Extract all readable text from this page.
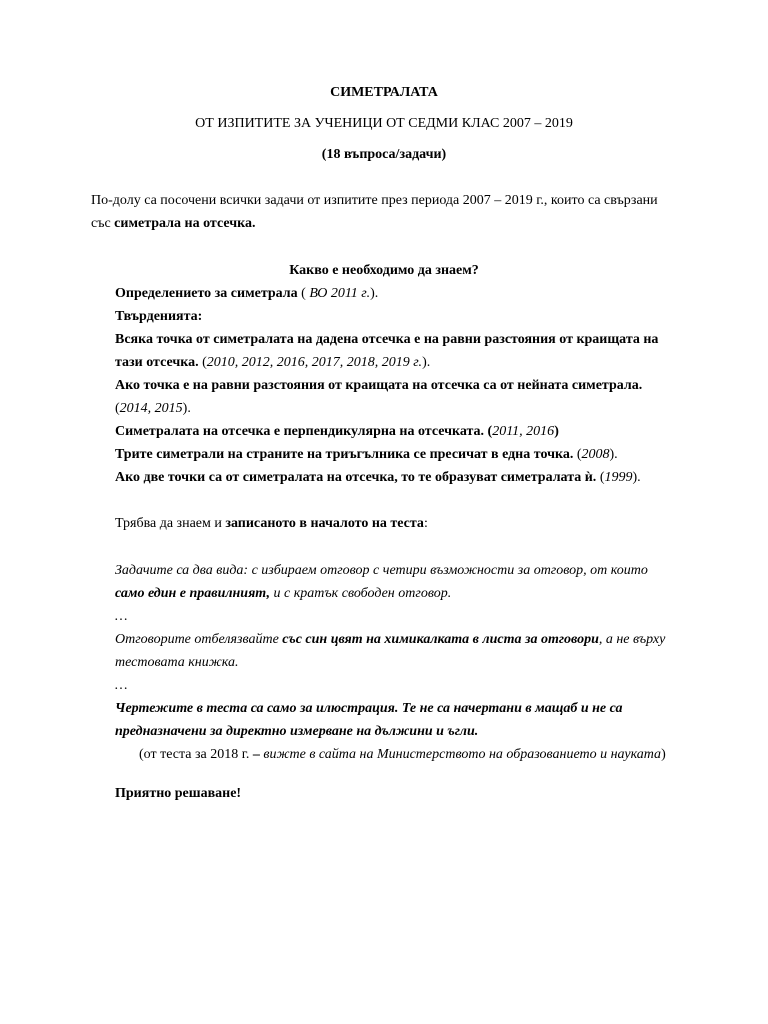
СИМЕТРАЛАТА
ОТ ИЗПИТИТЕ ЗА УЧЕНИЦИ ОТ СЕДМИ КЛАС 2007 – 2019
(18 въпроса/задачи)
По-долу са посочени всички задачи от изпитите през периода 2007 – 2019 г., които са свързани
със симетрала на отсечка.
Какво е необходимо да знаем?
Определението за симетрала ( ВО 2011 г.).
Твърденията:
Всяка точка от симетралата на дадена отсечка е на равни разстояния от краищата на
тази отсечка. (2010, 2012, 2016, 2017, 2018, 2019 г.).
Ако точка е на равни разстояния от краищата на отсечка са от нейната симетрала.
(2014, 2015).
Симетралата на отсечка е перпендикулярна на отсечката. (2011, 2016)
Трите симетрали на страните на триъгълника се пресичат в една точка. (2008).
Ако две точки са от симетралата на отсечка, то те образуват симетралата ѝ. (1999).
Трябва да знаем и записаното в началото на теста:
Задачите са два вида: с избираем отговор с четири възможности за отговор, от които
само един е правилният, и с кратък свободен отговор.
…
Отговорите отбелязвайте със син цвят на химикалката в листа за отговори, а не върху
тестовата книжка.
…
Чертежите в теста са само за илюстрация. Те не са начертани в мащаб и не са
предназначени за директно измерване на дължини и ъгли.
(от теста за 2018 г. – вижте в сайта на Министерството на образованието и науката)
Приятно решаване!
